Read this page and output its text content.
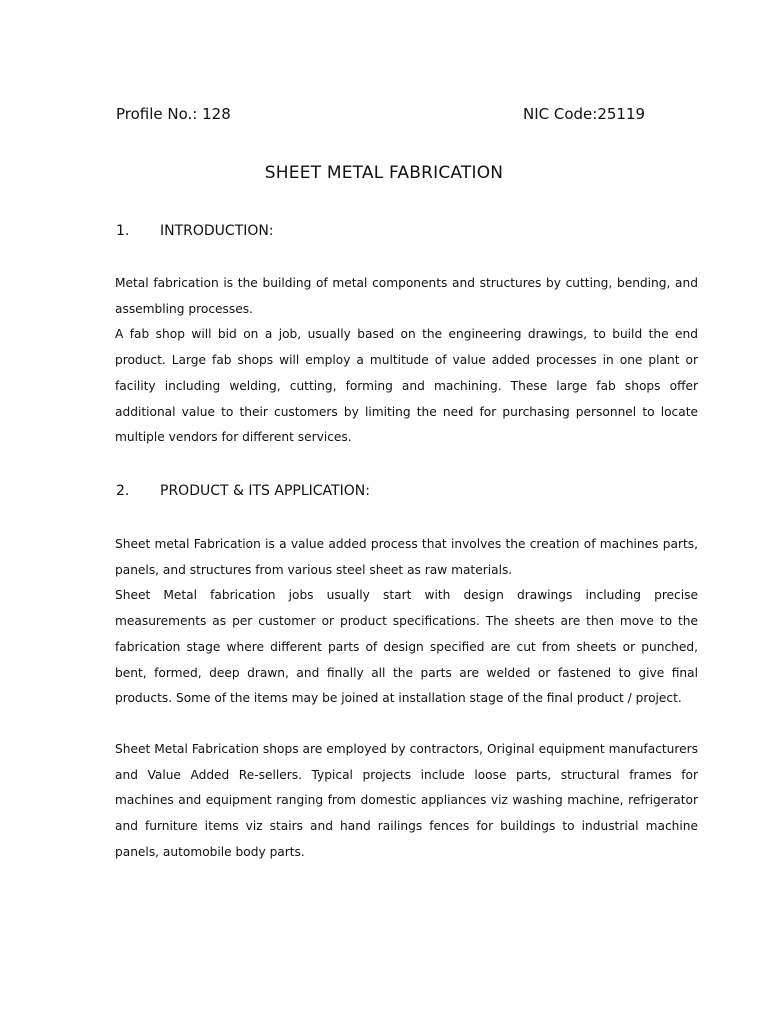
Profile No.: 128	NIC Code:25119
SHEET METAL FABRICATION
1. INTRODUCTION:

Metal fabrication is the building of metal components and structures by cutting, bending, and assembling processes.

A fab shop will bid on a job, usually based on the engineering drawings, to build the end product. Large fab shops will employ a multitude of value added processes in one plant or facility including welding, cutting, forming and machining. These large fab shops offer additional value to their customers by limiting the need for purchasing personnel to locate multiple vendors for different services.

2. PRODUCT & ITS APPLICATION:

Sheet metal Fabrication is a value added process that involves the creation of machines parts, panels, and structures from various steel sheet as raw materials.

Sheet Metal fabrication jobs usually start with design drawings including precise measurements as per customer or product specifications. The sheets are then move to the fabrication stage where different parts of design specified are cut from sheets or punched, bent, formed, deep drawn, and finally all the parts are welded or fastened to give final products. Some of the items may be joined at installation stage of the final product / project.

Sheet Metal Fabrication shops are employed by contractors, Original equipment manufacturers and Value Added Re-sellers. Typical projects include loose parts, structural frames for machines and equipment ranging from domestic appliances viz washing machine, refrigerator and furniture items viz stairs and hand railings fences for buildings to industrial machine panels, automobile body parts.
